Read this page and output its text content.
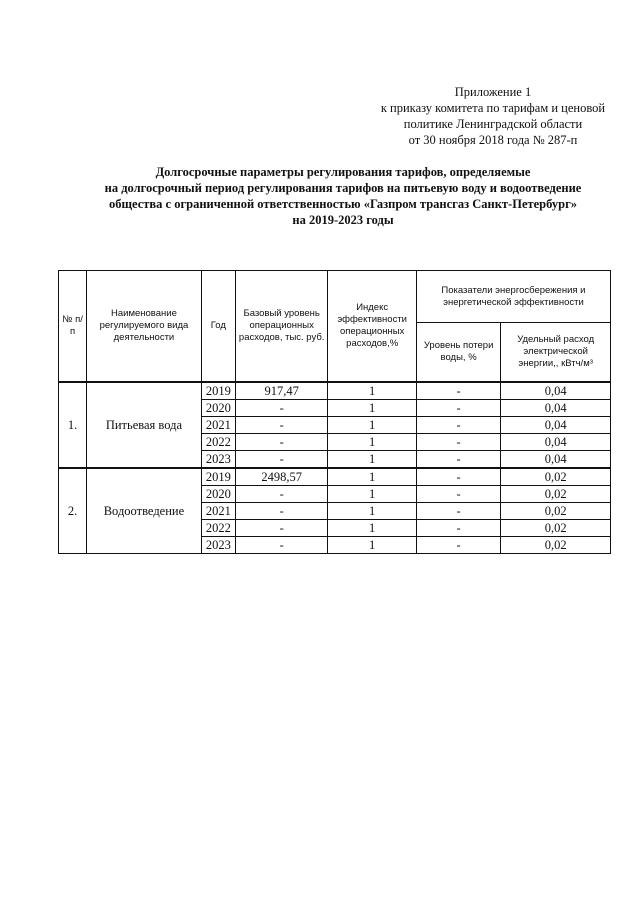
Приложение 1
к приказу комитета по тарифам и ценовой
политике Ленинградской области
от 30 ноября 2018 года № 287-п
Долгосрочные параметры регулирования тарифов, определяемые
на долгосрочный период регулирования тарифов на питьевую воду и водоотведение
общества с ограниченной ответственностью «Газпром трансгаз Санкт-Петербург»
на 2019-2023 годы
№ п/п	Наименование регулируемого вида деятельности	Год	Базовый уровень операционных расходов, тыс. руб.	Индекс эффективности операционных расходов,%	Показатели энергосбережения и энергетической эффективности	
					Уровень потери воды, %	Удельный расход электрической энергии,, кВтч/м³
1.	Питьевая вода	2019	917,47	1	-	0,04
		2020	-	1	-	0,04
		2021	-	1	-	0,04
		2022	-	1	-	0,04
		2023	-	1	-	0,04
2.	Водоотведение	2019	2498,57	1	-	0,02
		2020	-	1	-	0,02
		2021	-	1	-	0,02
		2022	-	1	-	0,02
		2023	-	1	-	0,02
